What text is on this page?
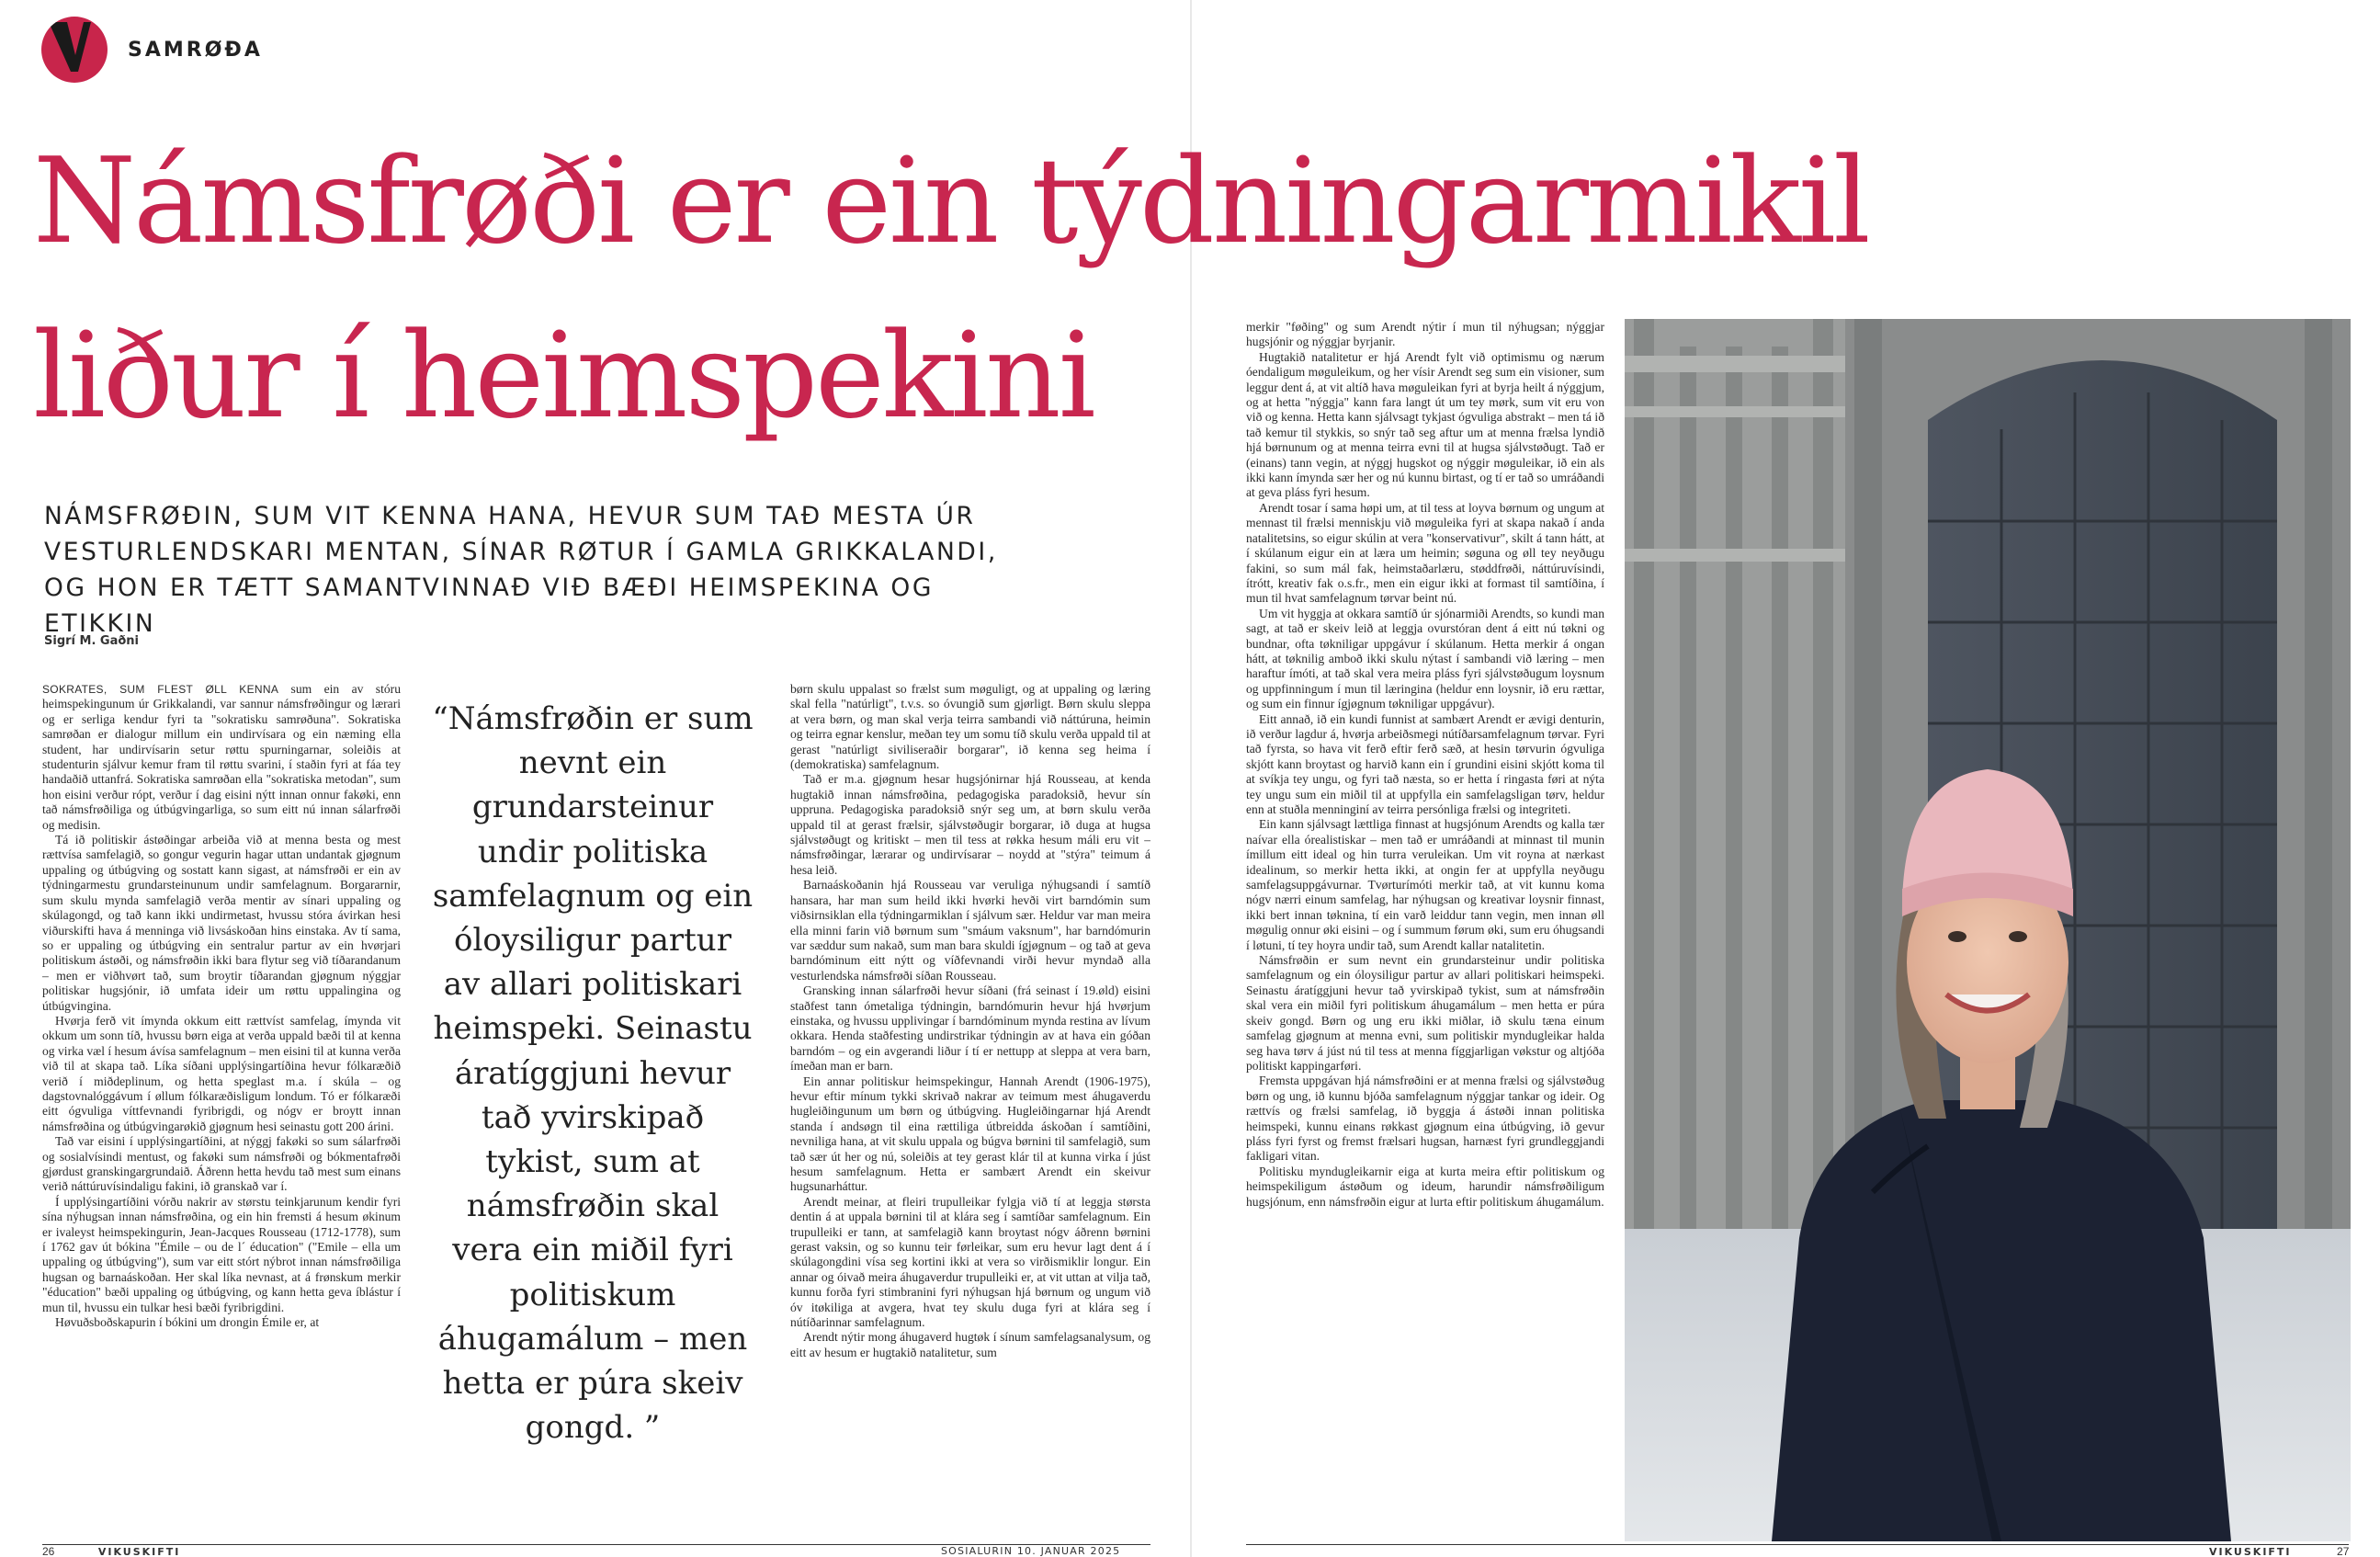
SAMRØÐA
Námsfrøði er ein týdningarmikil liður í heimspekini
NÁMSFRØÐIN, SUM VIT KENNA HANA, HEVUR SUM TAÐ MESTA ÚR VESTURLENDSKARI MENTAN, SÍNAR RØTUR Í GAMLA GRIKKALANDI, OG HON ER TÆTT SAMANTVINNAÐ VIÐ BÆÐI HEIMSPEKINA OG ETIKKIN
Sigrí M. Gaðni

SOKRATES, SUM FLEST ØLL KENNA sum ein av stóru heimspekingunum úr Grikkalandi, var sannur námsfrøðingur og lærari og er serliga kendur fyri ta "sokratisku samrøðuna". Sokratiska samrøðan er dialogur millum ein undirvísara og ein næming ella student, har undirvísarin setur røttu spurningarnar, soleiðis at studenturin sjálvur kemur fram til røttu svarini, í staðin fyri at fáa tey handaðið uttanfrá. Sokratiska samrøðan ella "sokratiska metodan", sum hon eisini verður rópt, verður í dag eisini nýtt innan onnur fakøki, enn tað námsfrøðiliga og útbúgvingarliga, so sum eitt nú innan sálarfrøði og medisin.

Tá ið politiskir ástøðingar arbeiða við at menna besta og mest rættvísa samfelagið, so gongur vegurin hagar uttan undantak gjøgnum uppaling og útbúgving og sostatt kann sigast, at námsfrøði er ein av týdningarmestu grundarsteinunum undir samfelagnum. Borgararnir, sum skulu mynda samfelagið verða mentir av sínari uppaling og skúlagongd, og tað kann ikki undirmetast, hvussu stóra ávirkan hesi viðurskifti hava á menninga við livsáskoðan hins einstaka. Av tí sama, so er uppaling og útbúgving ein sentralur partur av ein hvørjari politiskum ástøði, og námsfrøðin ikki bara flytur seg við tíðarandanum – men er viðhvørt tað, sum broytir tíðarandan gjøgnum nýggjar politiskar hugsjónir, ið umfata ideir um røttu uppalingina og útbúgvingina.

Hvørja ferð vit ímynda okkum eitt rættvíst samfelag, ímynda vit okkum um sonn tíð, hvussu børn eiga at verða uppald bæði til at kenna og virka væl í hesum ávísa samfelagnum – men eisini til at kunna verða við til at skapa tað. Líka síðani upplýsingartíðina hevur fólkaræðið verið í miðdeplinum, og hetta speglast m.a. í skúla – og dagstovnalóggávum í øllum fólkaræðisligum londum. Tó er fólkaræði eitt ógvuliga víttfevnandi fyribrigdi, og nógv er broytt innan námsfrøðina og útbúgvingarøkið gjøgnum hesi seinastu gott 200 árini.

Tað var eisini í upplýsingartíðini, at nýggj fakøki so sum sálarfrøði og sosialvísindi mentust, og fakøki sum námsfrøði og bókmentafrøði gjørdust granskingargrundaið. Áðrenn hetta hevdu tað mest sum einans verið náttúruvísindaligu fakini, ið granskað var í.

Í upplýsingartíðini vórðu nakrir av størstu teinkjarunum kendir fyri sína nýhugsan innan námsfrøðina, og ein hin fremsti á hesum økinum er ivaleyst heimspekingurin, Jean-Jacques Rousseau (1712-1778), sum í 1762 gav út bókina "Émile – ou de l´ éducation" ("Emile – ella um uppaling og útbúgving"), sum var eitt stórt nýbrot innan námsfrøðiliga hugsan og barnaáskoðan. Her skal líka nevnast, at á frønskum merkir "éducation" bæði uppaling og útbúgving, og kann hetta geva íblástur í mun til, hvussu ein tulkar hesi bæði fyribrigdini.

Høvuðsboðskapurin í bókini um drongin Émile er, at

“Námsfrøðin er sum nevnt ein grundarsteinur undir politiska samfelagnum og ein óloysiligur partur av allari politiskari heimspeki. Seinastu áratíggjuni hevur tað yvirskipað tykist, sum at námsfrøðin skal vera ein miðil fyri politiskum áhugamálum – men hetta er púra skeiv gongd. ”

børn skulu uppalast so frælst sum møguligt, og at uppaling og læring skal fella "natúrligt", t.v.s. so óvungið sum gjørligt. Børn skulu sleppa at vera børn, og man skal verja teirra sambandi við náttúruna, heimin og teirra egnar kenslur, meðan tey um somu tíð skulu verða uppald til at gerast "natúrligt siviliseraðir borgarar", ið kenna seg heima í (demokratiska) samfelagnum.

Tað er m.a. gjøgnum hesar hugsjónirnar hjá Rousseau, at kenda hugtakið innan námsfrøðina, pedagogiska paradoksið, hevur sín uppruna. Pedagogiska paradoksið snýr seg um, at børn skulu verða uppald til at gerast frælsir, sjálvstøðugir borgarar, ið duga at hugsa sjálvstøðugt og kritiskt – men til tess at røkka hesum máli eru vit – námsfrøðingar, lærarar og undirvísarar – noydd at "stýra" teimum á hesa leið.

Barnaáskoðanin hjá Rousseau var veruliga nýhugsandi í samtíð hansara, har man sum heild ikki hvørki hevði virt barndómin sum viðsirnsiklan ella týdningarmiklan í sjálvum sær. Heldur var man meira ella minni farin við børnum sum "smáum vaksnum", har barndómurin var sæddur sum nakað, sum man bara skuldi ígjøgnum – og tað at geva barndóminum eitt nýtt og víðfevnandi virði hevur myndað alla vesturlendska námsfrøði síðan Rousseau.

Gransking innan sálarfrøði hevur síðani (frá seinast í 19.øld) eisini staðfest tann ómetaliga týdningin, barndómurin hevur hjá hvørjum einstaka, og hvussu upplivingar í barndóminum mynda restina av lívum okkara. Henda staðfesting undirstrikar týdningin av at hava ein góðan barndóm – og ein avgerandi liður í tí er nettupp at sleppa at vera barn, ímeðan man er barn.

Ein annar politiskur heimspekingur, Hannah Arendt (1906-1975), hevur eftir mínum tykki skrivað nakrar av teimum mest áhugaverdu hugleiðingunum um børn og útbúgving. Hugleiðingarnar hjá Arendt standa í andsøgn til eina rættiliga útbreidda áskoðan í samtíðini, nevniliga hana, at vit skulu uppala og búgva børnini til samfelagið, sum tað sær út her og nú, soleiðis at tey gerast klár til at kunna virka í júst hesum samfelagnum. Hetta er sambært Arendt ein skeivur hugsunarháttur.

Arendt meinar, at fleiri trupulleikar fylgja við tí at leggja størsta dentin á at uppala børnini til at klára seg í samtíðar samfelagnum. Ein trupulleiki er tann, at samfelagið kann broytast nógv áðrenn børnini gerast vaksin, og so kunnu teir førleikar, sum eru hevur lagt dent á í skúlagongdini vísa seg kortini ikki at vera so virðismiklir longur. Ein annar og óivað meira áhugaverdur trupulleiki er, at vit uttan at vilja tað, kunnu forða fyri stimbranini fyri nýhugsan hjá børnum og ungum við óv itøkiliga at avgera, hvat tey skulu duga fyri at klára seg í nútíðarinnar samfelagnum.

Arendt nýtir mong áhugaverd hugtøk í sínum samfelagsanalysum, og eitt av hesum er hugtakið natalitetur, sum

merkir "føðing" og sum Arendt nýtir í mun til nýhugsan; nýggjar hugsjónir og nýggjar byrjanir.

Hugtakið natalitetur er hjá Arendt fylt við optimismu og nærum óendaligum møguleikum, og her vísir Arendt seg sum ein visioner, sum leggur dent á, at vit altíð hava møguleikan fyri at byrja heilt á nýggjum, og at hetta "nýggja" kann fara langt út um tey mørk, sum vit eru von við og kenna. Hetta kann sjálvsagt tykjast ógvuliga abstrakt – men tá ið tað kemur til stykkis, so snýr tað seg aftur um at menna frælsa lyndið hjá børnunum og at menna teirra evni til at hugsa sjálvstøðugt. Tað er (einans) tann vegin, at nýggj hugskot og nýggir møguleikar, ið ein als ikki kann ímynda sær her og nú kunnu birtast, og tí er tað so umráðandi at geva pláss fyri hesum.

Arendt tosar í sama høpi um, at til tess at loyva børnum og ungum at mennast til frælsi menniskju við møguleika fyri at skapa nakað í anda natalitetsins, so eigur skúlin at vera "konservativur", skilt á tann hátt, at í skúlanum eigur ein at læra um heimin; søguna og øll tey neyðugu fakini, so sum mál fak, heimstaðarlæru, støddfrøði, náttúruvísindi, ítrótt, kreativ fak o.s.fr., men ein eigur ikki at formast til samtíðina, í mun til hvat samfelagnum tørvar beint nú.

Um vit hyggja at okkara samtíð úr sjónarmiði Arendts, so kundi man sagt, at tað er skeiv leið at leggja ovurstóran dent á eitt nú tøkni og bundnar, ofta tøkniligar uppgávur í skúlanum. Hetta merkir á ongan hátt, at tøknilig amboð ikki skulu nýtast í sambandi við læring – men haraftur ímóti, at tað skal vera meira pláss fyri sjálvstøðugum loysnum og uppfinningum í mun til læringina (heldur enn loysnir, ið eru rættar, og sum ein finnur ígjøgnum tøkniligar uppgávur).

Eitt annað, ið ein kundi funnist at sambært Arendt er ævigi denturin, ið verður lagdur á, hvørja arbeiðsmegi nútíðarsamfelagnum tørvar. Fyri tað fyrsta, so hava vit ferð eftir ferð sæð, at hesin tørvurin ógvuliga skjótt kann broytast og harvið kann ein í grundini eisini skjótt koma til at svíkja tey ungu, og fyri tað næsta, so er hetta í ringasta føri at nýta tey ungu sum ein miðil til at uppfylla ein samfelagsligan tørv, heldur enn at stuðla menninginí av teirra persónliga frælsi og integriteti.

Ein kann sjálvsagt lættliga finnast at hugsjónum Arendts og kalla tær naívar ella órealistiskar – men tað er umráðandi at minnast til munin ímillum eitt ideal og hin turra veruleikan. Um vit royna at nærkast idealinum, so merkir hetta ikki, at ongin fer at uppfylla neyðugu samfelagsuppgávurnar. Tvørturímóti merkir tað, at vit kunnu koma nógv nærri einum samfelag, har nýhugsan og kreativar loysnir finnast, ikki bert innan tøknina, tí ein varð leiddur tann vegin, men innan øll møgulig onnur øki eisini – og í summum førum øki, sum eru óhugsandi í løtuni, tí tey hoyra undir tað, sum Arendt kallar natalitetin.

Námsfrøðin er sum nevnt ein grundarsteinur undir politiska samfelagnum og ein óloysiligur partur av allari politiskari heimspeki. Seinastu áratíggjuni hevur tað yvirskipað tykist, sum at námsfrøðin skal vera ein miðil fyri politiskum áhugamálum – men hetta er púra skeiv gongd. Børn og ung eru ikki miðlar, ið skulu tæna einum samfelag gjøgnum at menna evni, sum politiskir myndugleikar halda seg hava tørv á júst nú til tess at menna fíggjarligan vøkstur og altjóða politiskt kappingarføri.

Fremsta uppgávan hjá námsfrøðini er at menna frælsi og sjálvstøðug børn og ung, ið kunnu bjóða samfelagnum nýggjar tankar og ideir. Og rættvís og frælsi samfelag, ið byggja á ástøði innan politiska heimspeki, kunnu einans røkkast gjøgnum eina útbúgving, ið gevur pláss fyri fyrst og fremst frælsari hugsan, harnæst fyri grundleggjandi fakligari vitan.

Politisku myndugleikarnir eiga at kurta meira eftir politiskum og heimspekiligum ástøðum og ideum, harundir námsfrøðiligum hugsjónum, enn námsfrøðin eigur at lurta eftir politiskum áhugamálum.

26	VIKUSKIFTI	SOSIALURIN 10. JANUAR 2025	VIKUSKIFTI	27
